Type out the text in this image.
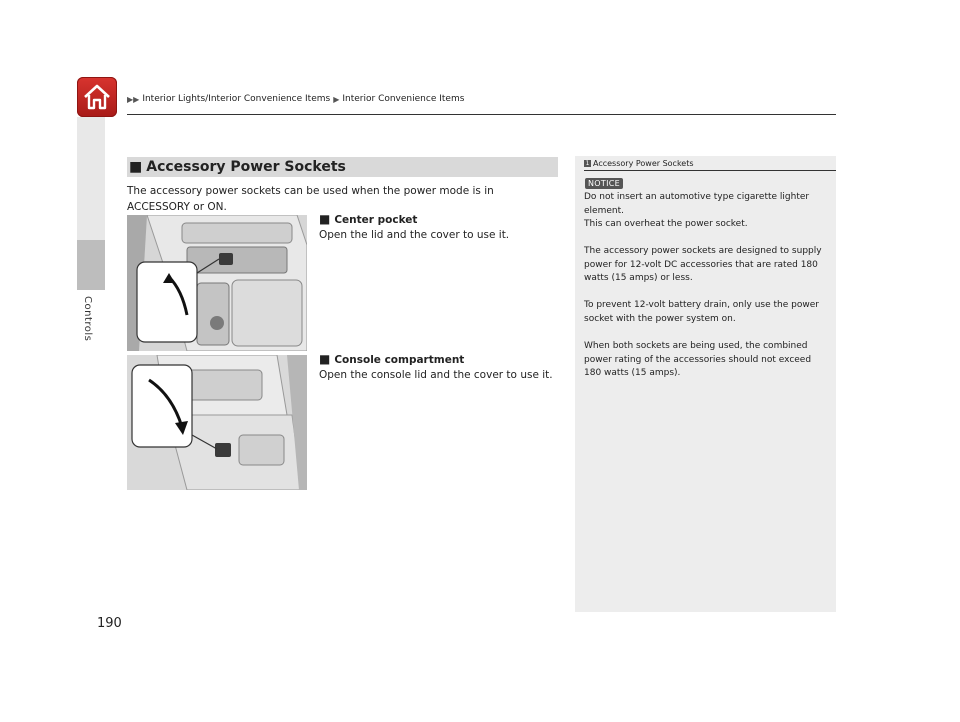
Controls
▶▶ Interior Lights/Interior Convenience Items ▶ Interior Convenience Items
■ Accessory Power Sockets
The accessory power sockets can be used when the power mode is in ACCESSORY or ON.
■ Center pocket
Open the lid and the cover to use it.
■ Console compartment
Open the console lid and the cover to use it.
1 Accessory Power Sockets
NOTICE
Do not insert an automotive type cigarette lighter element.
This can overheat the power socket.
The accessory power sockets are designed to supply power for 12-volt DC accessories that are rated 180 watts (15 amps) or less.
To prevent 12-volt battery drain, only use the power socket with the power system on.
When both sockets are being used, the combined power rating of the accessories should not exceed 180 watts (15 amps).
190
